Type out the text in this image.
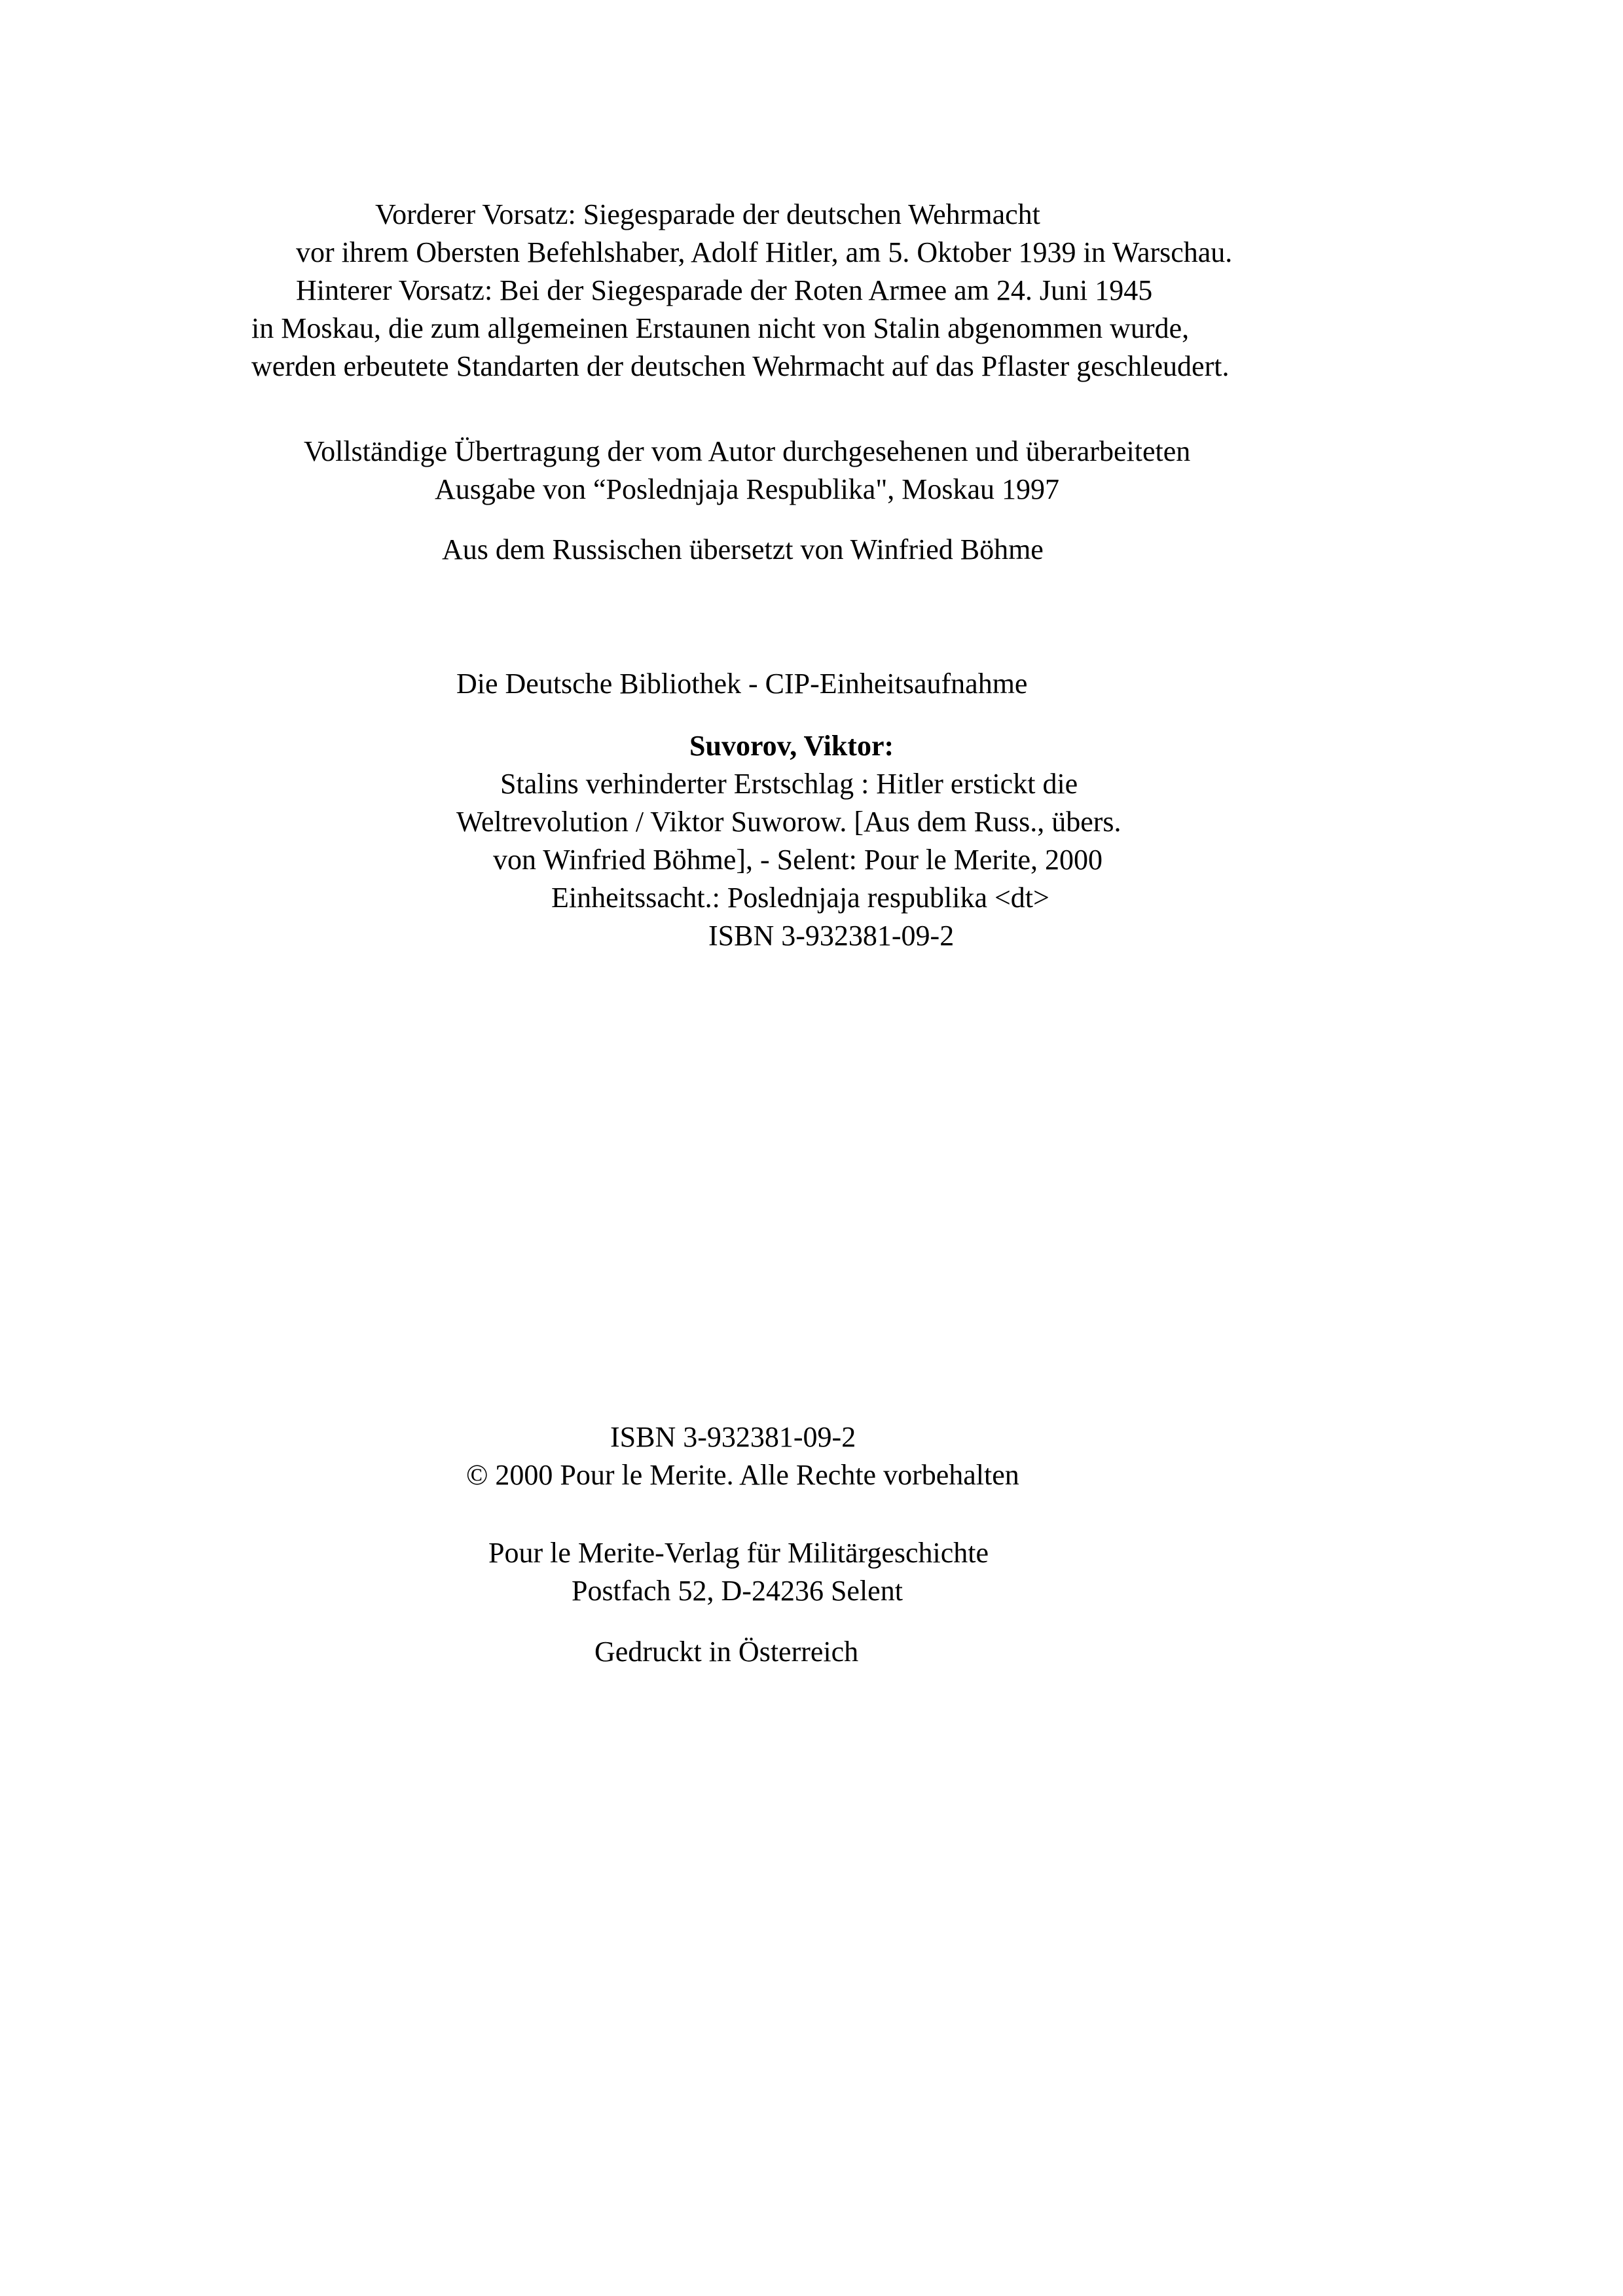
Vorderer Vorsatz: Siegesparade der deutschen Wehrmacht
vor ihrem Obersten Befehlshaber, Adolf Hitler, am 5. Oktober 1939 in Warschau.
Hinterer Vorsatz: Bei der Siegesparade der Roten Armee am 24. Juni 1945
in Moskau, die zum allgemeinen Erstaunen nicht von Stalin abgenommen wurde,
werden erbeutete Standarten der deutschen Wehrmacht auf das Pflaster geschleudert.
Vollständige Übertragung der vom Autor durchgesehenen und überarbeiteten
Ausgabe von “Poslednjaja Respublika", Moskau 1997
Aus dem Russischen übersetzt von Winfried Böhme
Die Deutsche Bibliothek - CIP-Einheitsaufnahme
Suvorov, Viktor:
Stalins verhinderter Erstschlag : Hitler erstickt die
Weltrevolution / Viktor Suworow. [Aus dem Russ., übers.
von Winfried Böhme], - Selent: Pour le Merite, 2000
Einheitssacht.: Poslednjaja respublika <dt>
ISBN 3-932381-09-2
ISBN 3-932381-09-2
© 2000 Pour le Merite. Alle Rechte vorbehalten
Pour le Merite-Verlag für Militärgeschichte
Postfach 52, D-24236 Selent
Gedruckt in Österreich
